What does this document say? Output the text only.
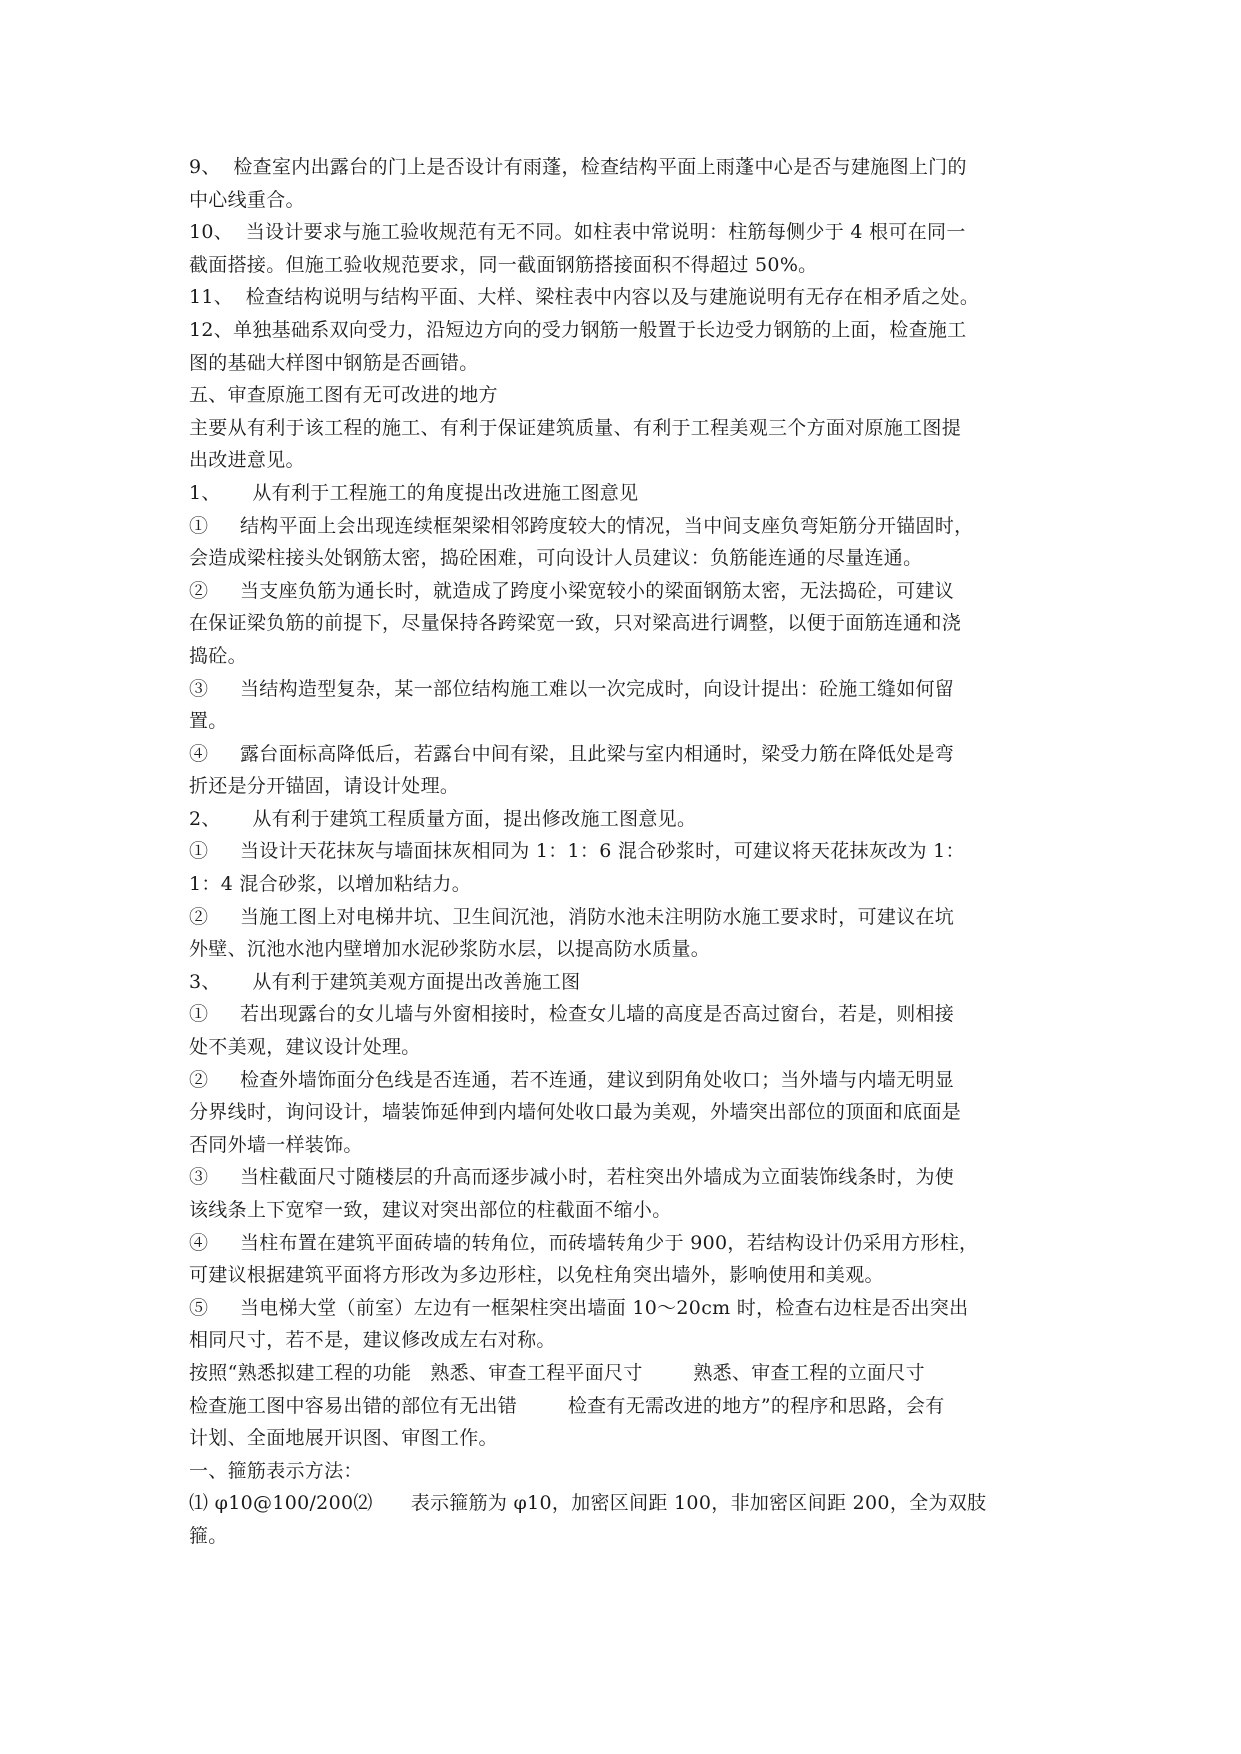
9、  检查室内出露台的门上是否设计有雨蓬，检查结构平面上雨蓬中心是否与建施图上门的
中心线重合。
10、  当设计要求与施工验收规范有无不同。如柱表中常说明：柱筋每侧少于 4 根可在同一
截面搭接。但施工验收规范要求，同一截面钢筋搭接面积不得超过 50%。
11、  检查结构说明与结构平面、大样、梁柱表中内容以及与建施说明有无存在相矛盾之处。
12、单独基础系双向受力，沿短边方向的受力钢筋一般置于长边受力钢筋的上面，检查施工
图的基础大样图中钢筋是否画错。
五、审查原施工图有无可改进的地方
主要从有利于该工程的施工、有利于保证建筑质量、有利于工程美观三个方面对原施工图提
出改进意见。
1、     从有利于工程施工的角度提出改进施工图意见
①     结构平面上会出现连续框架梁相邻跨度较大的情况，当中间支座负弯矩筋分开锚固时，
会造成梁柱接头处钢筋太密，捣砼困难，可向设计人员建议：负筋能连通的尽量连通。
②     当支座负筋为通长时，就造成了跨度小梁宽较小的梁面钢筋太密，无法捣砼，可建议
在保证梁负筋的前提下，尽量保持各跨梁宽一致，只对梁高进行调整，以便于面筋连通和浇
捣砼。
③     当结构造型复杂，某一部位结构施工难以一次完成时，向设计提出：砼施工缝如何留
置。
④     露台面标高降低后，若露台中间有梁，且此梁与室内相通时，梁受力筋在降低处是弯
折还是分开锚固，请设计处理。
2、     从有利于建筑工程质量方面，提出修改施工图意见。
①     当设计天花抹灰与墙面抹灰相同为 1：1：6 混合砂浆时，可建议将天花抹灰改为 1：
1：4 混合砂浆，以增加粘结力。
②     当施工图上对电梯井坑、卫生间沉池，消防水池未注明防水施工要求时，可建议在坑
外壁、沉池水池内壁增加水泥砂浆防水层，以提高防水质量。
3、     从有利于建筑美观方面提出改善施工图
①     若出现露台的女儿墙与外窗相接时，检查女儿墙的高度是否高过窗台，若是，则相接
处不美观，建议设计处理。
②     检查外墙饰面分色线是否连通，若不连通，建议到阴角处收口；当外墙与内墙无明显
分界线时，询问设计，墙装饰延伸到内墙何处收口最为美观，外墙突出部位的顶面和底面是
否同外墙一样装饰。
③     当柱截面尺寸随楼层的升高而逐步减小时，若柱突出外墙成为立面装饰线条时，为使
该线条上下宽窄一致，建议对突出部位的柱截面不缩小。
④     当柱布置在建筑平面砖墙的转角位，而砖墙转角少于 900，若结构设计仍采用方形柱，
可建议根据建筑平面将方形改为多边形柱，以免柱角突出墙外，影响使用和美观。
⑤     当电梯大堂（前室）左边有一框架柱突出墙面 10～20cm 时，检查右边柱是否出突出
相同尺寸，若不是，建议修改成左右对称。
按照“熟悉拟建工程的功能   熟悉、审查工程平面尺寸        熟悉、审查工程的立面尺寸
检查施工图中容易出错的部位有无出错        检查有无需改进的地方”的程序和思路，会有
计划、全面地展开识图、审图工作。
一、箍筋表示方法：
⑴ φ10@100/200⑵      表示箍筋为 φ10，加密区间距 100，非加密区间距 200，全为双肢
箍。
